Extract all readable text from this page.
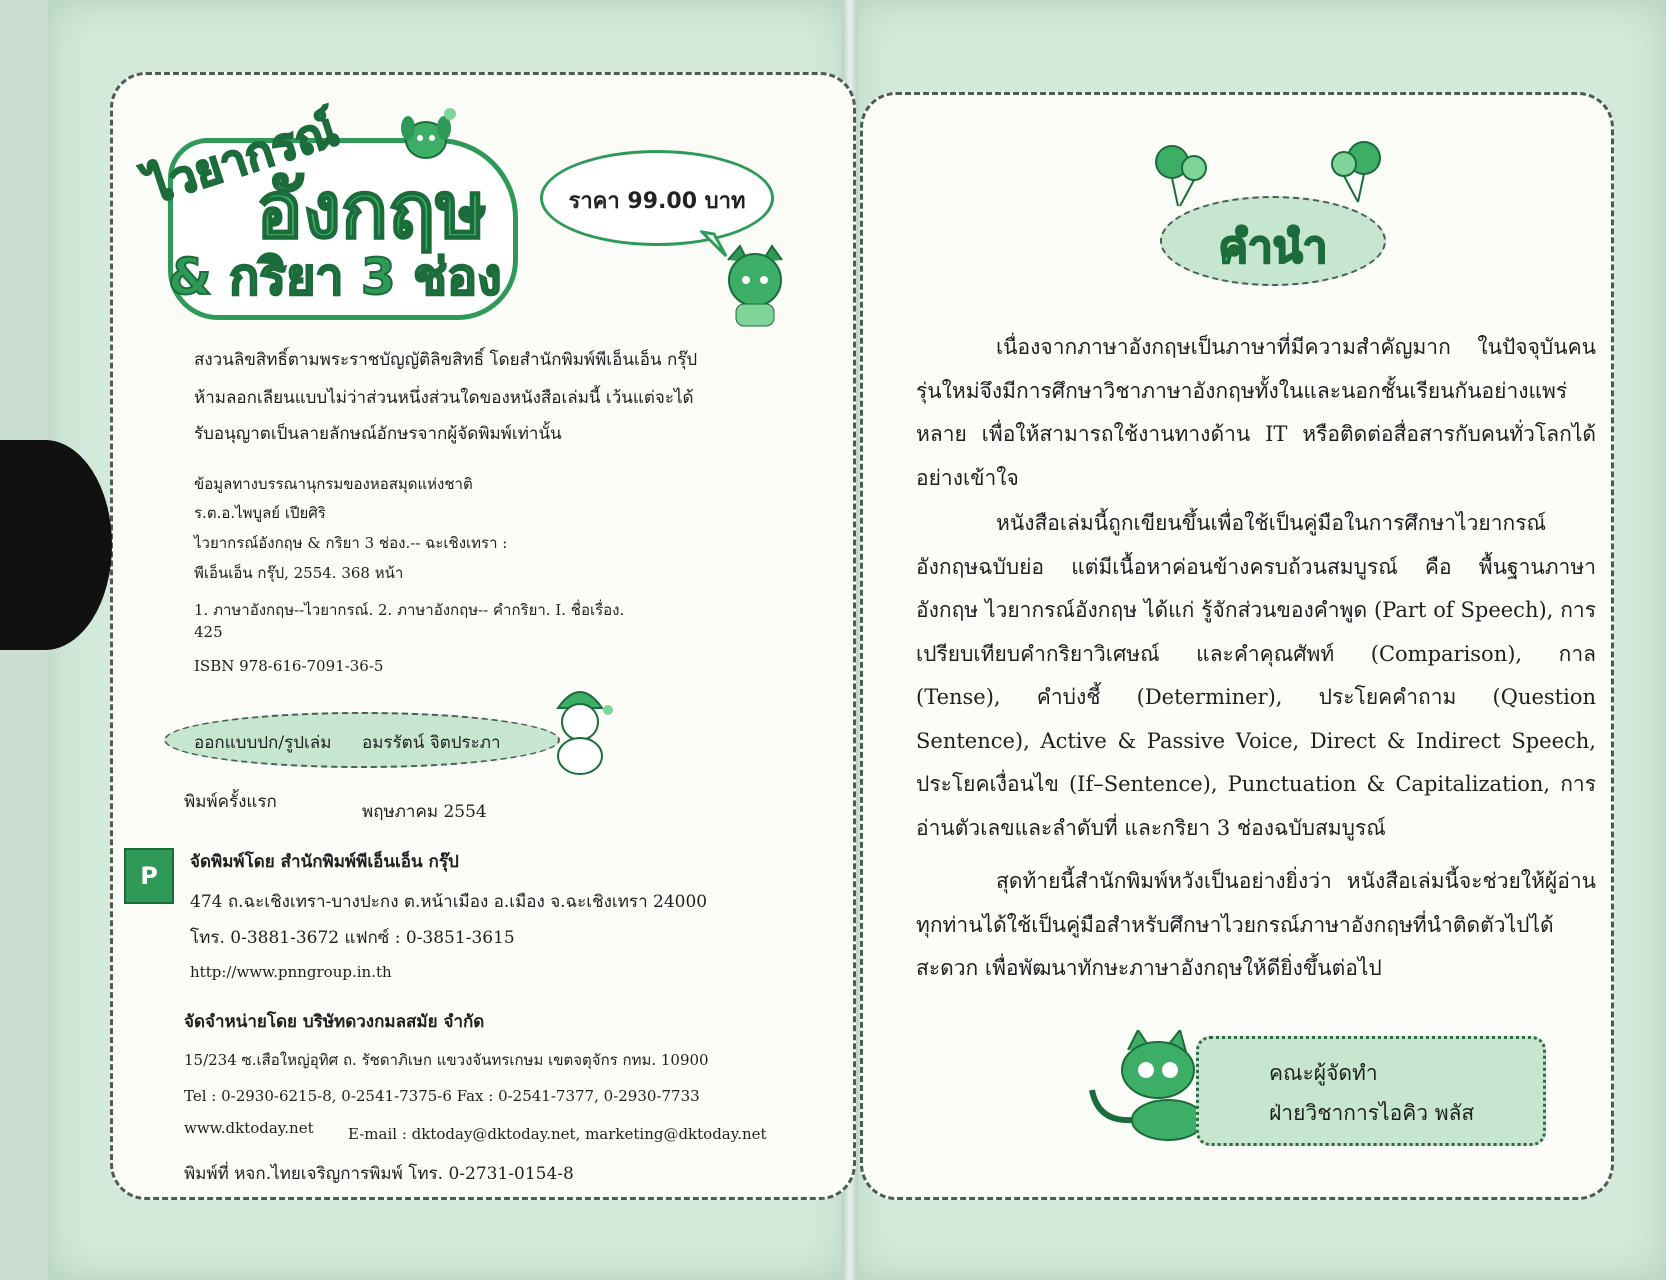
ไวยากรณ์
อังกฤษ
& กริยา 3 ช่อง
ราคา 99.00 บาท
สงวนลิขสิทธิ์ตามพระราชบัญญัติลิขสิทธิ์ โดยสำนักพิมพ์พีเอ็นเอ็น กรุ๊ป
ห้ามลอกเลียนแบบไม่ว่าส่วนหนึ่งส่วนใดของหนังสือเล่มนี้ เว้นแต่จะได้
รับอนุญาตเป็นลายลักษณ์อักษรจากผู้จัดพิมพ์เท่านั้น
ข้อมูลทางบรรณานุกรมของหอสมุดแห่งชาติ
ร.ต.อ.ไพบูลย์ เปียศิริ
ไวยากรณ์อังกฤษ & กริยา 3 ช่อง.-- ฉะเชิงเทรา :
พีเอ็นเอ็น กรุ๊ป, 2554. 368 หน้า
1. ภาษาอังกฤษ--ไวยากรณ์. 2. ภาษาอังกฤษ-- คำกริยา. I. ชื่อเรื่อง.
425
ISBN 978-616-7091-36-5
ออกแบบปก/รูปเล่ม อมรรัตน์ จิตประภา
พิมพ์ครั้งแรก	พฤษภาคม 2554
P	จัดพิมพ์โดย สำนักพิมพ์พีเอ็นเอ็น กรุ๊ป
474 ถ.ฉะเชิงเทรา-บางปะกง ต.หน้าเมือง อ.เมือง จ.ฉะเชิงเทรา 24000
โทร. 0-3881-3672 แฟกซ์ : 0-3851-3615
http://www.pnngroup.in.th
จัดจำหน่ายโดย บริษัทดวงกมลสมัย จำกัด
15/234 ซ.เสือใหญ่อุทิศ ถ. รัชดาภิเษก แขวงจันทรเกษม เขตจตุจักร กทม. 10900
Tel : 0-2930-6215-8, 0-2541-7375-6 Fax : 0-2541-7377, 0-2930-7733
www.dktoday.net E-mail : dktoday@dktoday.net, marketing@dktoday.net
พิมพ์ที่ หจก.ไทยเจริญการพิมพ์ โทร. 0-2731-0154-8
คำนำ
เนื่องจากภาษาอังกฤษเป็นภาษาที่มีความสำคัญมาก ในปัจจุบันคนรุ่นใหม่จึงมีการศึกษาวิชาภาษาอังกฤษทั้งในและนอกชั้นเรียนกันอย่างแพร่หลาย เพื่อให้สามารถใช้งานทางด้าน IT หรือติดต่อสื่อสารกับคนทั่วโลกได้อย่างเข้าใจ
หนังสือเล่มนี้ถูกเขียนขึ้นเพื่อใช้เป็นคู่มือในการศึกษาไวยากรณ์อังกฤษฉบับย่อ แต่มีเนื้อหาค่อนข้างครบถ้วนสมบูรณ์ คือ พื้นฐานภาษาอังกฤษ ไวยากรณ์อังกฤษ ได้แก่ รู้จักส่วนของคำพูด (Part of Speech), การเปรียบเทียบคำกริยาวิเศษณ์ และคำคุณศัพท์ (Comparison), กาล (Tense), คำบ่งชี้ (Determiner), ประโยคคำถาม (Question Sentence), Active & Passive Voice, Direct & Indirect Speech, ประโยคเงื่อนไข (If–Sentence), Punctuation & Capitalization, การอ่านตัวเลขและลำดับที่ และกริยา 3 ช่องฉบับสมบูรณ์
สุดท้ายนี้สำนักพิมพ์หวังเป็นอย่างยิ่งว่า หนังสือเล่มนี้จะช่วยให้ผู้อ่านทุกท่านได้ใช้เป็นคู่มือสำหรับศึกษาไวยกรณ์ภาษาอังกฤษที่นำติดตัวไปได้สะดวก เพื่อพัฒนาทักษะภาษาอังกฤษให้ดียิ่งขึ้นต่อไป
คณะผู้จัดทำ
ฝ่ายวิชาการไอคิว พลัส
